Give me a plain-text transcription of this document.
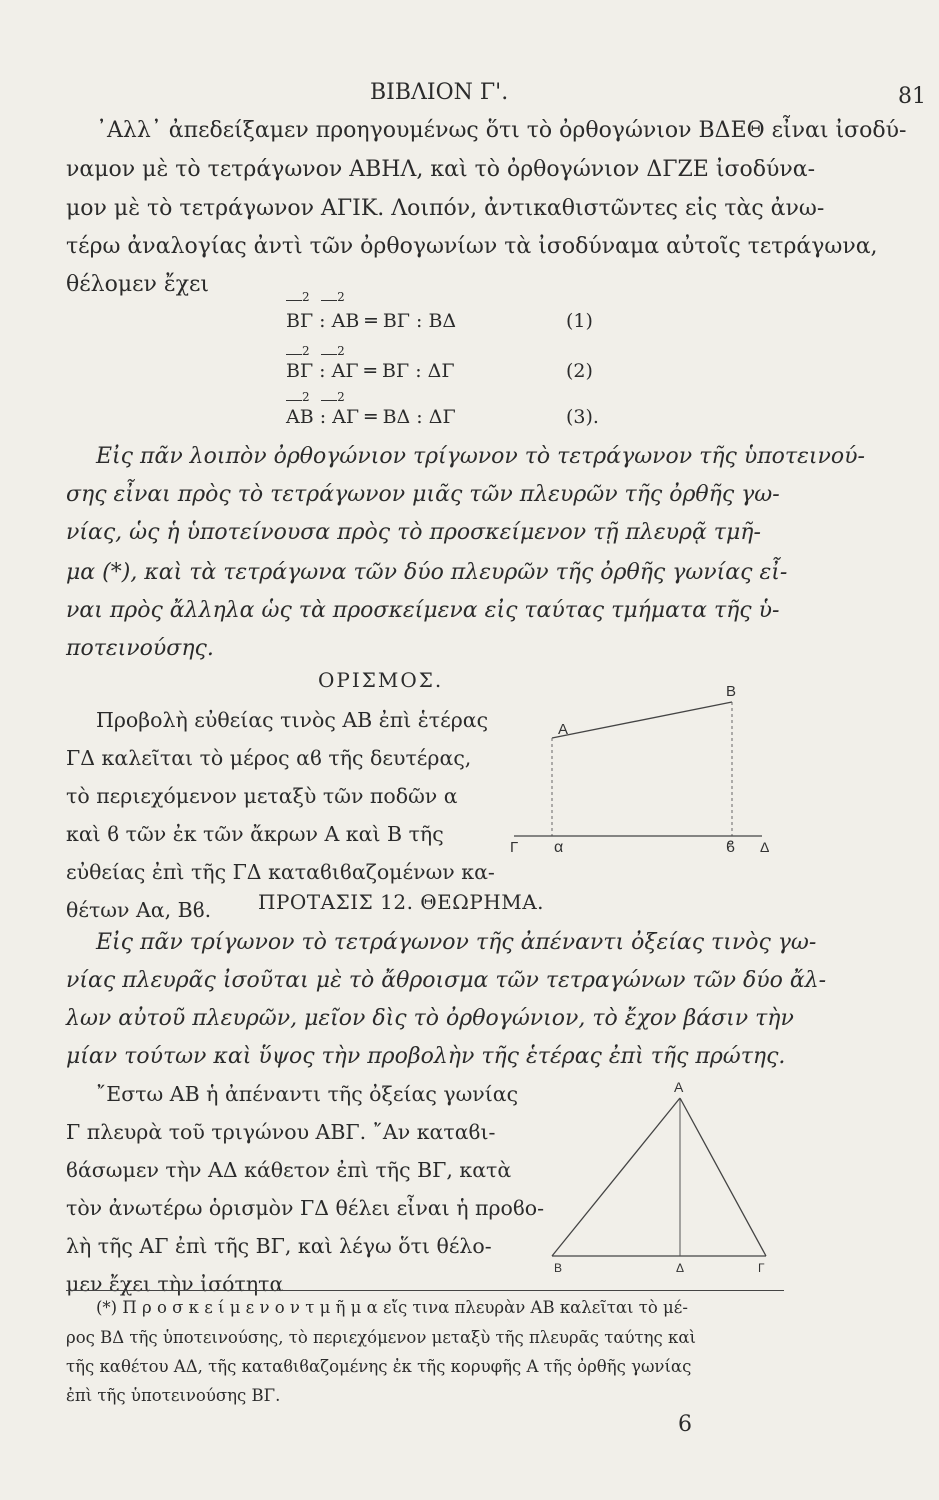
ΒΙΒΛΙΟΝ Γ'.	81
᾽Αλλ᾽ ἀπεδείξαμεν προηγουμένως ὅτι τὸ ὀρθογώνιον ΒΔΕΘ εἶναι ἰσοδύ-
ναμον μὲ τὸ τετράγωνον ΑΒΗΛ, καὶ τὸ ὀρθογώνιον ΔΓΖΕ ἰσοδύνα-
μον μὲ τὸ τετράγωνον ΑΓΙΚ. Λοιπόν, ἀντικαθιστῶντες εἰς τὰς ἀνω-
τέρω ἀναλογίας ἀντὶ τῶν ὀρθογωνίων τὰ ἰσοδύναμα αὐτοῖς τετράγωνα,
θέλομεν ἔχει	2 2
ΒΓ : ΑΒ ═ ΒΓ : ΒΔ	(1)
2 2
ΒΓ : ΑΓ ═ ΒΓ : ΔΓ	(2)
2 2
ΑΒ : ΑΓ ═ ΒΔ : ΔΓ	(3).
Εἰς πᾶν λοιπὸν ὀρθογώνιον τρίγωνον τὸ τετράγωνον τῆς ὑποτεινού-
σης εἶναι πρὸς τὸ τετράγωνον μιᾶς τῶν πλευρῶν τῆς ὀρθῆς γω-
νίας, ὡς ἡ ὑποτείνουσα πρὸς τὸ προσκείμενον τῇ πλευρᾷ τμῆ-
μα (*), καὶ τὰ τετράγωνα τῶν δύο πλευρῶν τῆς ὀρθῆς γωνίας εἶ-
ναι πρὸς ἄλληλα ὡς τὰ προσκείμενα εἰς ταύτας τμήματα τῆς ὑ-
ποτεινούσης.
ΟΡΙΣΜΟΣ.
Προβολὴ εὐθείας τινὸς ΑΒ ἐπὶ ἑτέρας
ΓΔ καλεῖται τὸ μέρος αϐ τῆς δευτέρας,
τὸ περιεχόμενον μεταξὺ τῶν ποδῶν α
καὶ ϐ τῶν ἐκ τῶν ἄκρων Α καὶ Β τῆς
εὐθείας ἐπὶ τῆς ΓΔ καταϐιϐαζομένων κα-
θέτων Αα, Βϐ.
B
A
Γ α	ϐ Δ
ΠΡΟΤΑΣΙΣ 12. ΘΕΩΡΗΜΑ.
Εἰς πᾶν τρίγωνον τὸ τετράγωνον τῆς ἀπέναντι ὀξείας τινὸς γω-
νίας πλευρᾶς ἰσοῦται μὲ τὸ ἄθροισμα τῶν τετραγώνων τῶν δύο ἄλ-
λων αὐτοῦ πλευρῶν, μεῖον δὶς τὸ ὀρθογώνιον, τὸ ἔχον βάσιν τὴν
μίαν τούτων καὶ ὕψος τὴν προβολὴν τῆς ἑτέρας ἐπὶ τῆς πρώτης.
῎Εστω ΑΒ ἡ ἀπέναντι τῆς ὀξείας γωνίας
Γ πλευρὰ τοῦ τριγώνου ΑΒΓ. ῎Αν καταϐι-
ϐάσωμεν τὴν ΑΔ κάθετον ἐπὶ τῆς ΒΓ, κατὰ
τὸν ἀνωτέρω ὁρισμὸν ΓΔ θέλει εἶναι ἡ προϐο-
λὴ τῆς ΑΓ ἐπὶ τῆς ΒΓ, καὶ λέγω ὅτι θέλο-
μεν ἔχει τὴν ἰσότητα
A
B	Δ	Γ
(*) Π ρ ο σ κ ε ί μ ε ν ο ν τ μ ῆ μ α εἴς τινα πλευρὰν ΑΒ καλεῖται τὸ μέ-
ρος ΒΔ τῆς ὑποτεινούσης, τὸ περιεχόμενον μεταξὺ τῆς πλευρᾶς ταύτης καὶ
τῆς καθέτου ΑΔ, τῆς καταϐιϐαζομένης ἐκ τῆς κορυφῆς Α τῆς ὀρθῆς γωνίας
ἐπὶ τῆς ὑποτεινούσης ΒΓ.
6
